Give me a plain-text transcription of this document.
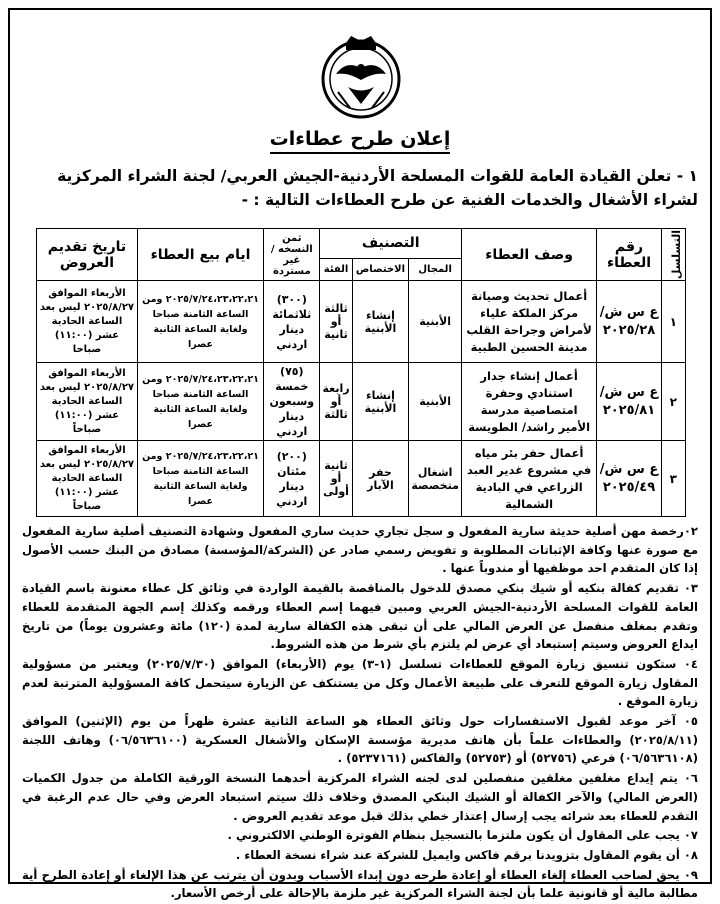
إعلان طرح عطاءات
١ - تعلن القيادة العامة للقوات المسلحة الأردنية-الجيش العربي/ لجنة الشراء المركزية لشراء الأشغال والخدمات الفنية عن طرح العطاءات التالية : -
التسلسل	رقم العطاء	وصف العطاء	التصنيف			ثمن النسخه /غير مستردة	ايام بيع العطاء	تاريخ تقديم العروض
			المجال	الاختصاص	الفئة			
١	ع س ش/ ٢٠٢٥/٢٨	أعمال تحديث وصيانة مركز الملكة علياء لأمراض وجراحة القلب مدينة الحسين الطبية	الأبنية	إنشاء الأبنية	ثالثة أو ثانية	(٣٠٠) ثلاثمائة دينار اردني	٢٠٢٥/٧/٢٤،٢٣،٢٢،٢١ ومن الساعة الثامنة صباحا ولغاية الساعة الثانية عصرا	الأربعاء الموافق ٢٠٢٥/٨/٢٧ ليس بعد الساعة الحادية عشر (١١:٠٠) صباحا
٢	ع س ش/ ٢٠٢٥/٨١	أعمال إنشاء جدار استنادي وحفرة امتصاصية مدرسة الأمير راشد/ الطويسة	الأبنية	إنشاء الأبنية	رابعة أو ثالثة	(٧٥) خمسة وسبعون دينار اردني	٢٠٢٥/٧/٢٤،٢٣،٢٢،٢١ ومن الساعة الثامنة صباحا ولغاية الساعة الثانية عصرا	الأربعاء الموافق ٢٠٢٥/٨/٢٧ ليس بعد الساعة الحادية عشر (١١:٠٠) صباحاً
٣	ع س ش/ ٢٠٢٥/٤٩	أعمال حفر بئر مياه في مشروع غدير العبد الزراعي في البادية الشمالية	اشغال متخصصة	حفر الآبار	ثانية أو أولى	(٢٠٠) مئتان دينار اردني	٢٠٢٥/٧/٢٤،٢٣،٢٢،٢١ ومن الساعة الثامنة صباحا ولغاية الساعة الثانية عصرا	الأربعاء الموافق ٢٠٢٥/٨/٢٧ ليس بعد الساعة الحادية عشر (١١:٠٠) صباحاً

٠٢رخصة مهن أصلية حديثة سارية المفعول و سجل تجاري حديث ساري المفعول وشهادة التصنيف أصلية سارية المفعول مع صورة عنها وكافة الإثباتات المطلوبة و تفويض رسمي صادر عن (الشركة/المؤسسة) مصادق من البنك حسب الأصول إذا كان المتقدم احد موظفيها أو مندوباً عنها .

٠٣ تقديم كفالة بنكيه أو شيك بنكي مصدق للدخول بالمناقصة بالقيمة الواردة في وثائق كل عطاء معنونة باسم القيادة العامة للقوات المسلحة الأردنية-الجيش العربي ومبين فيهما إسم العطاء ورقمه وكذلك إسم الجهة المتقدمة للعطاء وتقدم بمغلف منفصل عن العرض المالي على أن تبقى هذه الكفالة سارية لمدة (١٢٠) مائة وعشرون يوماً) من تاريخ ايداع العروض وسيتم إستبعاد أي عرض لم يلتزم بأي شرط من هذه الشروط.

٠٤ ستكون تنسيق زيارة الموقع للعطاءات تسلسل (١-٣) يوم (الأربعاء) الموافق (٢٠٢٥/٧/٣٠) ويعتبر من مسؤولية المقاول زيارة الموقع للتعرف على طبيعة الأعمال وكل من يستنكف عن الزيارة سيتحمل كافة المسؤولية المترتبة لعدم زيارة الموقع .

٠٥ آخر موعد لقبول الاستفسارات حول وثائق العطاء هو الساعة الثانية عشرة ظهراً من يوم (الإثنين) الموافق (٢٠٢٥/٨/١١) والعطاءات علماً بأن هاتف مديرية مؤسسة الإسكان والأشغال العسكرية (٠٦/٥٦٣٦١٠٠) وهاتف اللجنة (٠٦/٥٦٣٦١٠٨) فرعي (٥٢٧٥٦) أو (٥٢٧٥٣) والفاكس (٥٢٣٧١٦١) .

٠٦ يتم إيداع مغلفين مغلقين منفصلين لدى لجنه الشراء المركزية أحدهما النسخة الورقية الكاملة من جدول الكميات (العرض المالي) والآخر الكفالة أو الشيك البنكي المصدق وخلاف ذلك سيتم استبعاد العرض وفي حال عدم الرغبة في التقدم للعطاء بعد شرائه يجب إرسال إعتذار خطي بذلك قبل موعد تقديم العروض .

٠٧ يجب على المقاول أن يكون ملتزما بالتسجيل بنظام الفوترة الوطني الالكتروني .

٠٨ أن يقوم المقاول بتزويدنا برقم فاكس وايميل للشركة عند شراء نسخة العطاء .

٠٩ يحق لصاحب العطاء إلغاء العطاء أو إعادة طرحه دون إبداء الأسباب وبدون أن يترتب عن هذا الإلغاء أو إعادة الطرح أية مطالبة مالية أو قانونية علما بأن لجنة الشراء المركزية غير ملزمة بالإحالة على أرخص الأسعار.
